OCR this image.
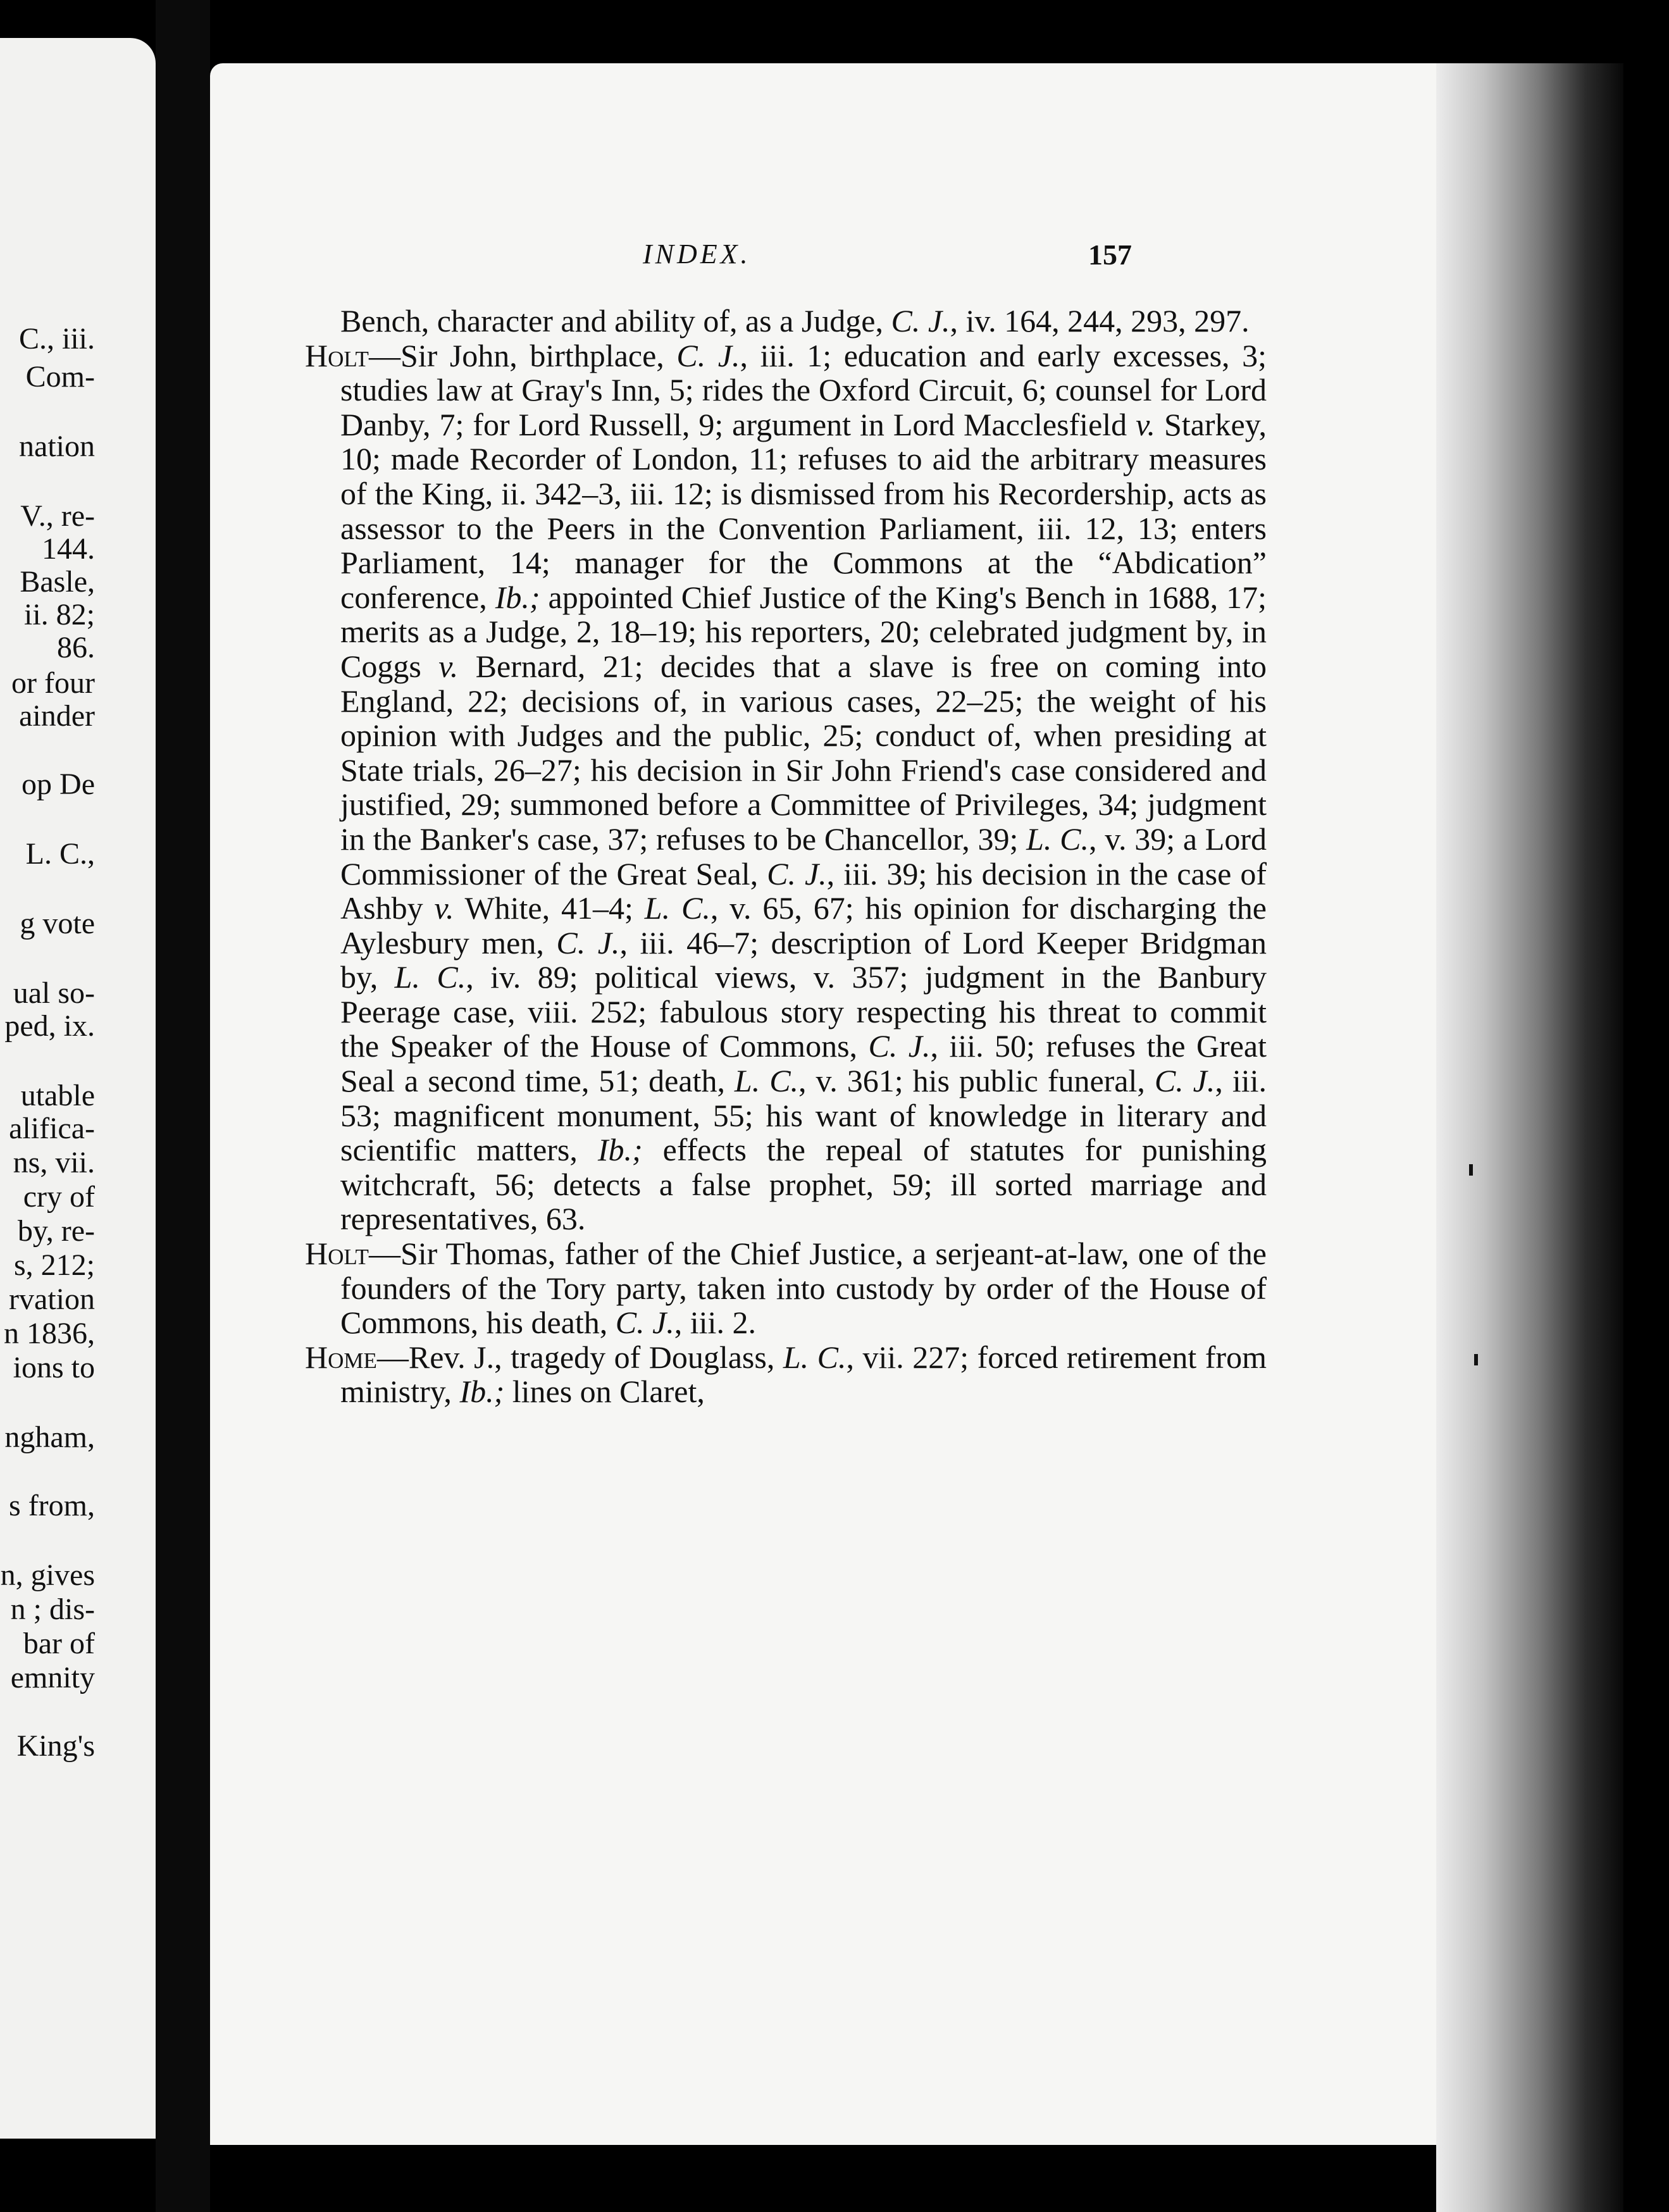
C., iii.
Com-
nation
V., re-
144.
Basle,
ii. 82;
86.
or four
ainder
op De
L. C.,
g vote
ual so-
ped, ix.
utable
alifica-
ns, vii.
cry of
by, re-
s, 212;
rvation
n 1836,
ions to
ngham,
s from,
n, gives
n ; dis-
bar of
emnity
King's
INDEX.	157

Bench, character and ability of, as a Judge, C. J., iv. 164, 244, 293, 297.

Holt—Sir John, birthplace, C. J., iii. 1; education and early excesses, 3; studies law at Gray's Inn, 5; rides the Oxford Circuit, 6; counsel for Lord Danby, 7; for Lord Russell, 9; argument in Lord Macclesfield v. Starkey, 10; made Recorder of London, 11; refuses to aid the arbitrary measures of the King, ii. 342–3, iii. 12; is dismissed from his Recordership, acts as assessor to the Peers in the Convention Parliament, iii. 12, 13; enters Parliament, 14; manager for the Commons at the “Abdication” conference, Ib.; appointed Chief Justice of the King's Bench in 1688, 17; merits as a Judge, 2, 18–19; his reporters, 20; celebrated judgment by, in Coggs v. Bernard, 21; decides that a slave is free on coming into England, 22; decisions of, in various cases, 22–25; the weight of his opinion with Judges and the public, 25; conduct of, when presiding at State trials, 26–27; his decision in Sir John Friend's case considered and justified, 29; summoned before a Committee of Privileges, 34; judgment in the Banker's case, 37; refuses to be Chancellor, 39; L. C., v. 39; a Lord Commissioner of the Great Seal, C. J., iii. 39; his decision in the case of Ashby v. White, 41–4; L. C., v. 65, 67; his opinion for discharging the Aylesbury men, C. J., iii. 46–7; description of Lord Keeper Bridgman by, L. C., iv. 89; political views, v. 357; judgment in the Banbury Peerage case, viii. 252; fabulous story respecting his threat to commit the Speaker of the House of Commons, C. J., iii. 50; refuses the Great Seal a second time, 51; death, L. C., v. 361; his public funeral, C. J., iii. 53; magnificent monument, 55; his want of knowledge in literary and scientific matters, Ib.; effects the repeal of statutes for punishing witchcraft, 56; detects a false prophet, 59; ill sorted marriage and representatives, 63.

Holt—Sir Thomas, father of the Chief Justice, a serjeant-at-law, one of the founders of the Tory party, taken into custody by order of the House of Commons, his death, C. J., iii. 2.

Home—Rev. J., tragedy of Douglass, L. C., vii. 227; forced retirement from ministry, Ib.; lines on Claret,
